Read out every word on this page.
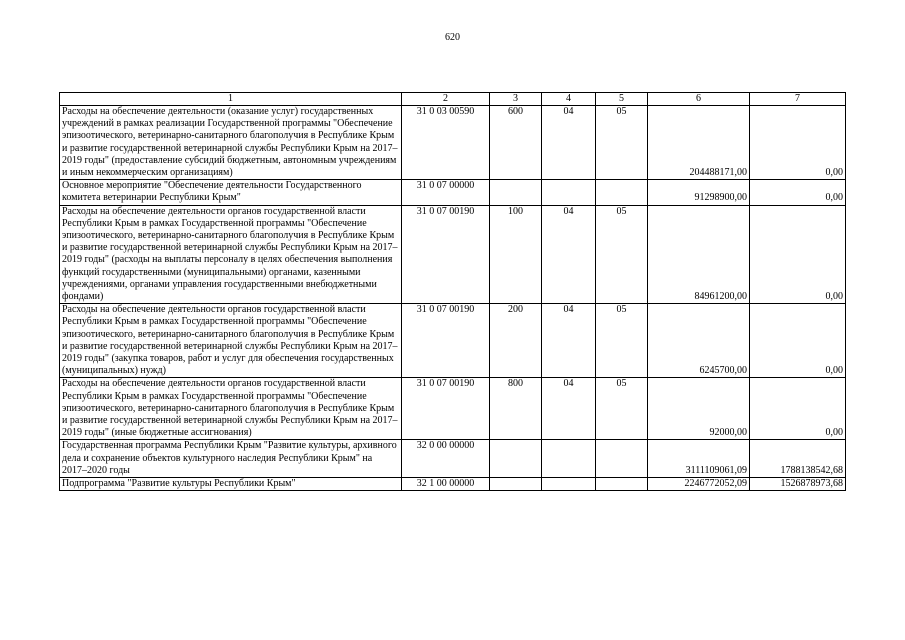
620
1	2	3	4	5	6	7
Расходы на обеспечение деятельности (оказание услуг) государственных учреждений в рамках реализации Государственной программы "Обеспечение эпизоотического, ветеринарно-санитарного благополучия в Республике Крым и развитие государственной ветеринарной службы Республики Крым на 2017–2019 годы" (предоставление субсидий бюджетным, автономным учреждениям и иным некоммерческим организациям)	31 0 03 00590	600	04	05	204488171,00	0,00
Основное мероприятие "Обеспечение деятельности Государственного комитета ветеринарии Республики Крым"	31 0 07 00000				91298900,00	0,00
Расходы на обеспечение деятельности органов государственной власти Республики Крым в рамках Государственной программы "Обеспечение эпизоотического, ветеринарно-санитарного благополучия в Республике Крым и развитие государственной ветеринарной службы Республики Крым на 2017–2019 годы" (расходы на выплаты персоналу в целях обеспечения выполнения функций государственными (муниципальными) органами, казенными учреждениями, органами управления государственными внебюджетными фондами)	31 0 07 00190	100	04	05	84961200,00	0,00
Расходы на обеспечение деятельности органов государственной власти Республики Крым в рамках Государственной программы "Обеспечение эпизоотического, ветеринарно-санитарного благополучия в Республике Крым и развитие государственной ветеринарной службы Республики Крым на 2017–2019 годы" (закупка товаров, работ и услуг для обеспечения государственных (муниципальных) нужд)	31 0 07 00190	200	04	05	6245700,00	0,00
Расходы на обеспечение деятельности органов государственной власти Республики Крым в рамках Государственной программы "Обеспечение эпизоотического, ветеринарно-санитарного благополучия в Республике Крым и развитие государственной ветеринарной службы Республики Крым на 2017–2019 годы" (иные бюджетные ассигнования)	31 0 07 00190	800	04	05	92000,00	0,00
Государственная программа Республики Крым "Развитие культуры, архивного дела и сохранение объектов культурного наследия Республики Крым" на 2017–2020 годы	32 0 00 00000				3111109061,09	1788138542,68
Подпрограмма "Развитие культуры Республики Крым"	32 1 00 00000				2246772052,09	1526878973,68
